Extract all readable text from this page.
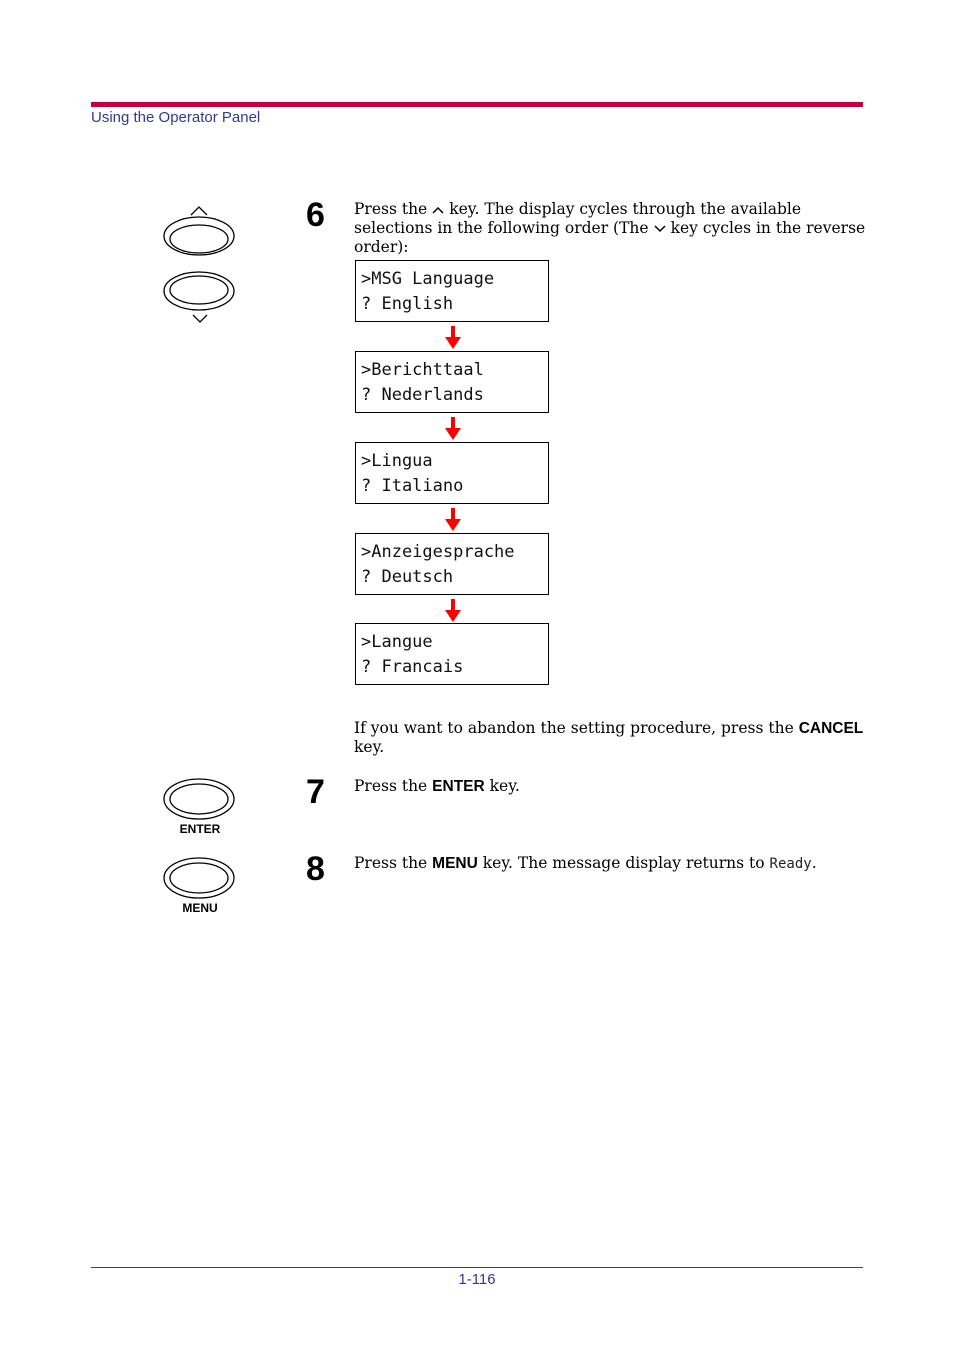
Using the Operator Panel
6 Press the key. The display cycles through the available selections in the following order (The key cycles in the reverse order):
>MSG Language
? English
>Berichttaal
? Nederlands
>Lingua
? Italiano
>Anzeigesprache
? Deutsch
>Langue
? Francais
If you want to abandon the setting procedure, press the CANCEL key.
ENTER
7 Press the ENTER key.
MENU
8 Press the MENU key. The message display returns to Ready.
1-116
